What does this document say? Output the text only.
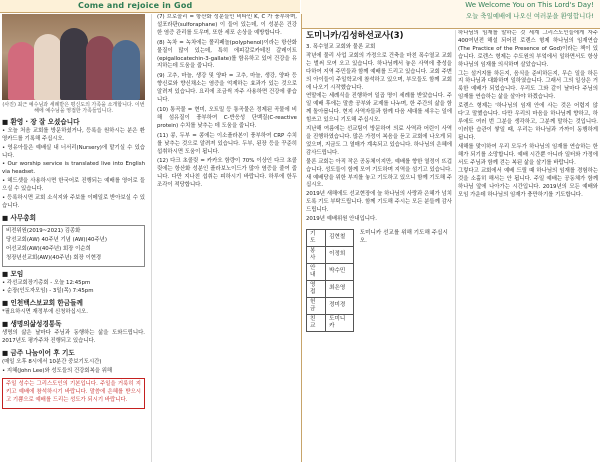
Come and rejoice in God	We Welcome You on This Lord's Day!
오늘 축일예배에 나오신 여러분을 환영합니다!
(사진) 최근 예수님과 세례받은 평신도의 가족을 소개합니다. 이번 해에 예수님을 영접한 가족들입니다.
■ 환영 · 장 잘 오셨습니다

• 오늘 처음 교회를 방문하셨거나, 등록을 원하시는 분은 환영카드를 기록해 주십시오.

• 영유아들은 예배실 내 너서리(Nursery)에 맡기실 수 있습니다.

• Our worship service is translated live into English via headset.

• 헤드셋을 사용하시면 한국어로 진행되는 예배를 영어로 들으실 수 있습니다.

• 등록하시면 교회 소식지와 주보를 이메일로 받아보실 수 있습니다.

■ 사무총회

비전위원(2019~2021) 김종화

당선교회(AW) 40주년 기념 (AW)(40주년)

어선교회(AW)(40주년) 회장 이순희

청장년선교회(AW)(40주년) 회장 이현경

■ 모임

• 각선교회장기총회 - 오늘 12:45pm

• 순장(인도자모임) - 3일(목) 7:45pm

■ 인천백스보교회 한금들께

*필요하시면 재정부에 신청하십시오.

■ 생명의삶성경통독

생명의 삶은 날마다 주님과 동행하는 삶을 도와드립니다. 2017년도 평가주차 진행되고 있습니다.

■ 금주 나눔이어 후 기도

(매일 오후 8시에서 10분간 중보기도시간)

• 지혜(John Lee)와 성도들의 건강회복을 위해

주일 성수는 그리스도인의 기본입니다. 주일을 거룩히 지키고 예배에 참석하시기 바랍니다. 말씀에 은혜를 받으시고 기쁨으로 예배를 드리는 성도가 되시기 바랍니다.

(7) 브로콜리 = 항산화 성분들인 비타민 K, C 가 풍부하며, 설포라판(sulforaphane) 이 들어 있는데, 이 성분은 건강한 염증 관리를 도우며, 또한 세포 손상을 예방합니다.

(8) 녹차 = 녹차에는 폴리페놀(polyphenol)이라는 항산화물질이 많이 있는데, 특히 에피갈로카테친 갈레이트(epigallocatechin-3-gallate)를 함유하고 있어 건강을 유지하는데 도움을 줍니다.

(9) 고추, 마늘, 생강 및 양파 = 고추, 마늘, 생강, 양파 등 향신료와 향신채소는 염증을 억제하는 효과가 있는 것으로 알려져 있습니다. 요리에 조금씩 자주 사용하면 건강에 좋습니다.

(10) 통곡물 = 현미, 오트밀 등 통곡물은 정제된 곡물에 비해 섬유질이 풍부하여 C-반응성 단백질(C-reactive protein) 수치를 낮추는 데 도움을 줍니다.

(11) 콩, 두부 = 콩에는 이소플라본이 풍부하여 CRP 수치를 낮추는 것으로 알려져 있습니다. 두부, 된장 등을 꾸준히 섭취하시면 도움이 됩니다.

(12) 다크 초콜릿 = 카카오 함량이 70% 이상인 다크 초콜릿에는 항산화 성분인 플라보노이드가 많아 염증을 줄여 줍니다. 다만 지나친 섭취는 피하시기 바랍니다. 하루에 한두 조각이 적당합니다.

도미니카/김성하선교사(3)

3. 폭수열교 교회와 물론 교회

작년에 물리 사업 교회의 가정으로 건축을 마친 폭수열교 교회는 벌써 모여 오고 있습니다. 하나님께서 놓은 사역에 충성을 다하여 지역 주민들과 함께 예배를 드리고 있습니다. 교회 주변의 아이들이 주일학교에 참석하고 있으며, 부모들도 함께 교회에 나오기 시작했습니다.

연말에는 세례식을 진행하여 일곱 명이 세례를 받았습니다. 주일 예배 후에는 말씀 공부와 교제를 나누며, 한 주간의 삶을 함께 돌아봅니다. 현지 사역자들과 함께 다음 세대를 세우는 일에 힘쓰고 있으니 기도해 주십시오.

지난해 여름에는 선교팀이 방문하여 의료 사역과 어린이 사역을 진행하였습니다. 많은 가정이 복음을 듣고 교회에 나오게 되었으며, 지금도 그 열매가 계속되고 있습니다. 하나님의 은혜에 감사드립니다.

물론 교회는 아직 작은 공동체이지만, 예배를 향한 열정이 뜨겁습니다. 성도들이 함께 모여 기도하며 지역을 섬기고 있습니다. 새 예배당을 위한 부지를 놓고 기도하고 있으니 함께 기도해 주십시오.

2019년 새해에도 선교현장에 늘 하나님의 사랑과 은혜가 넘치도록 기도 부탁드립니다. 함께 기도해 주시는 모든 분들께 감사드립니다.

2019년 예배위원 안내입니다.

기 도	김현철
봉 사	이정희
안 내	박수민
영 접	최은영
헌 금	정미경
친 교	도미니카
도미니카 선교를 위해 기도해 주십시오.

하나님의 임재를 말하는 것 세계 그리스도인들에게 자주 400여년전 해설 되어진 로렌스 형제 하나님의 임재연습(The Practice of the Presence of God)이라는 책이 있습니다. 로렌스 형제는 수도원의 부엌에서 일하면서도 항상 하나님의 임재를 의식하며 살았습니다.

그는 설거지를 하든지, 음식을 준비하든지, 무슨 일을 하든지 하나님과 대화하며 일하였습니다. 그래서 그의 일상은 거룩한 예배가 되었습니다. 우리도 그와 같이 날마다 주님의 임재를 연습하는 삶을 살아야 하겠습니다.

로렌스 형제는 '하나님의 임재 안에 사는 것은 어렵지 않다'고 말했습니다. 다만 우리의 마음을 하나님께 향하고, 하루에도 여러 번 그분을 생각하고, 그분께 말하는 것입니다. 이러한 습관이 쌓일 때, 우리는 하나님과 가까이 동행하게 됩니다.

새해를 맞이하여 우리 모두가 하나님의 임재를 연습하는 한 해가 되기를 소망합니다. 예배 시간뿐 아니라 일터와 가정에서도 주님과 함께 걷는 복된 삶을 살기를 바랍니다.

그렇다고 교회에서 예배 드릴 때 하나님의 임재를 경험하는 것을 소홀히 해서는 안 됩니다. 주일 예배는 공동체가 함께 하나님 앞에 나아가는 시간입니다. 2019년의 모든 예배와 모임 가운데 하나님의 임재가 충만하기를 기도합니다.
